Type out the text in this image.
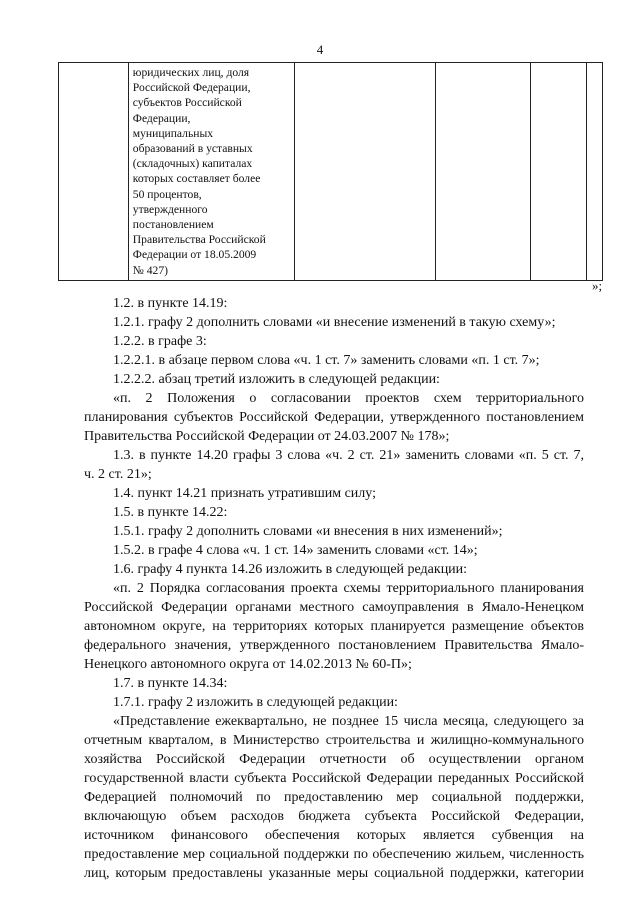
4

юридических лиц, доля
Российской Федерации,
субъектов Российской
Федерации,
муниципальных
образований в уставных
(складочных) капиталах
которых составляет более
50 процентов,
утвержденного
постановлением
Правительства Российской
Федерации от 18.05.2009
№ 427)

»;

1.2. в пункте 14.19:

1.2.1. графу 2 дополнить словами «и внесение изменений в такую схему»;

1.2.2. в графе 3:

1.2.2.1. в абзаце первом слова «ч. 1 ст. 7» заменить словами «п. 1 ст. 7»;

1.2.2.2. абзац третий изложить в следующей редакции:

«п. 2 Положения о согласовании проектов схем территориального

планирования субъектов Российской Федерации, утвержденного постановлением

Правительства Российской Федерации от 24.03.2007 № 178»;

1.3. в пункте 14.20 графы 3 слова «ч. 2 ст. 21» заменить словами «п. 5 ст. 7,

ч. 2 ст. 21»;

1.4. пункт 14.21 признать утратившим силу;

1.5. в пункте 14.22:

1.5.1. графу 2 дополнить словами «и внесения в них изменений»;

1.5.2. в графе 4 слова «ч. 1 ст. 14» заменить словами «ст. 14»;

1.6. графу 4 пункта 14.26 изложить в следующей редакции:

«п. 2 Порядка согласования проекта схемы территориального планирования

Российской Федерации органами местного самоуправления в Ямало-Ненецком

автономном округе, на территориях которых планируется размещение объектов

федерального значения, утвержденного постановлением Правительства Ямало-

Ненецкого автономного округа от 14.02.2013 № 60-П»;

1.7. в пункте 14.34:

1.7.1. графу 2 изложить в следующей редакции:

«Представление ежеквартально, не позднее 15 числа месяца, следующего за

отчетным кварталом, в Министерство строительства и жилищно-коммунального

хозяйства Российской Федерации отчетности об осуществлении органом

государственной власти субъекта Российской Федерации переданных Российской

Федерацией полномочий по предоставлению мер социальной поддержки,

включающую объем расходов бюджета субъекта Российской Федерации,

источником финансового обеспечения которых является субвенция на

предоставление мер социальной поддержки по обеспечению жильем, численность

лиц, которым предоставлены указанные меры социальной поддержки, категории
